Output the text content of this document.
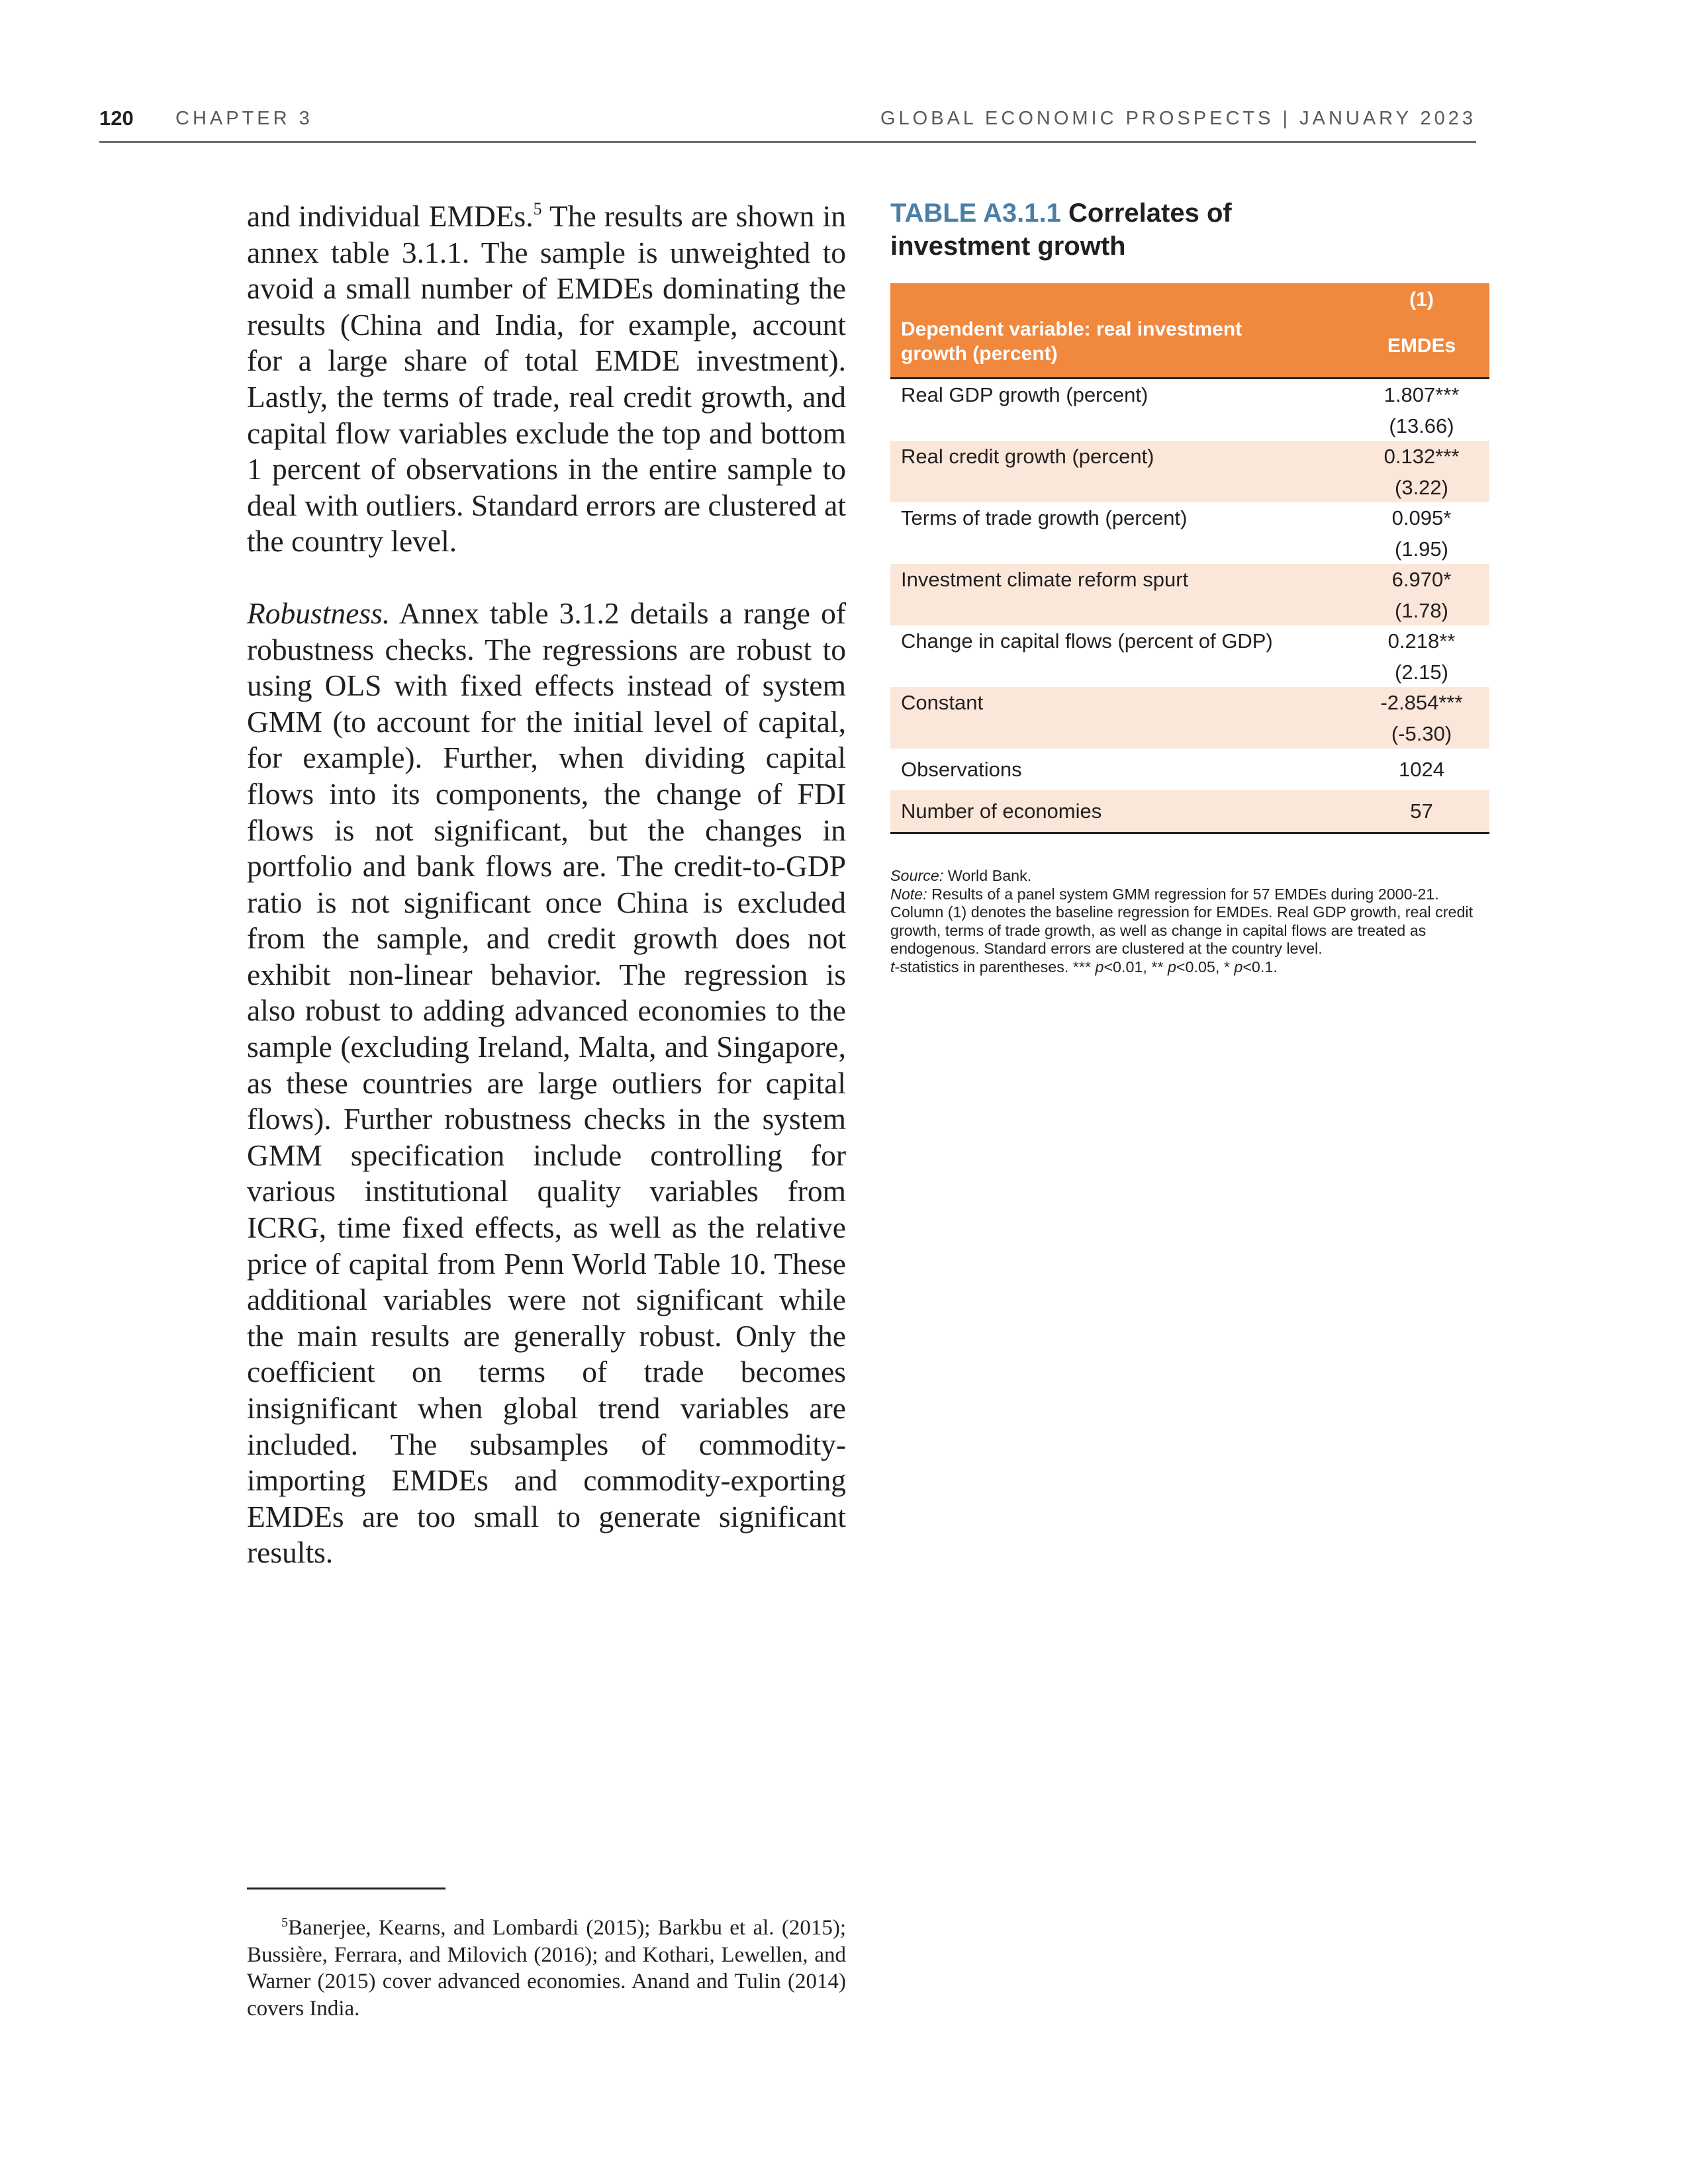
120 CHAPTER 3	GLOBAL ECONOMIC PROSPECTS | JANUARY 2023

and individual EMDEs.$^5$ The results are shown in annex table 3.1.1. The sample is unweighted to avoid a small number of EMDEs dominating the results (China and India, for example, account for a large share of total EMDE investment). Lastly, the terms of trade, real credit growth, and capital flow variables exclude the top and bottom 1 percent of observations in the entire sample to deal with outliers. Standard errors are clustered at the country level.

Robustness. Annex table 3.1.2 details a range of robustness checks. The regressions are robust to using OLS with fixed effects instead of system GMM (to account for the initial level of capital, for example). Further, when dividing capital flows into its components, the change of FDI flows is not significant, but the changes in portfolio and bank flows are. The credit-to-GDP ratio is not significant once China is excluded from the sample, and credit growth does not exhibit non-linear behavior. The regression is also robust to adding advanced economies to the sample (excluding Ireland, Malta, and Singapore, as these countries are large outliers for capital flows). Further robustness checks in the system GMM specification include controlling for various institutional quality variables from ICRG, time fixed effects, as well as the relative price of capital from Penn World Table 10. These additional variables were not significant while the main results are generally robust. Only the coefficient on terms of trade becomes insignificant when global trend variables are included. The subsamples of commodity-importing EMDEs and commodity-exporting EMDEs are too small to generate significant results.

$^5$Banerjee, Kearns, and Lombardi (2015); Barkbu et al. (2015); Bussière, Ferrara, and Milovich (2016); and Kothari, Lewellen, and Warner (2015) cover advanced economies. Anand and Tulin (2014) covers India.

TABLE A3.1.1 Correlates of investment growth
(1)
Dependent variable: real investment growth (percent)	EMDEs
Real GDP growth (percent)	1.807***
(13.66)
Real credit growth (percent)	0.132***
(3.22)
Terms of trade growth (percent)	0.095*
(1.95)
Investment climate reform spurt	6.970*
(1.78)
Change in capital flows (percent of GDP)	0.218**
(2.15)
Constant	-2.854***
(-5.30)
Observations	1024
Number of economies	57

Source: World Bank.

Note: Results of a panel system GMM regression for 57 EMDEs during 2000-21. Column (1) denotes the baseline regression for EMDEs. Real GDP growth, real credit growth, terms of trade growth, as well as change in capital flows are treated as endogenous. Standard errors are clustered at the country level.
t-statistics in parentheses. *** p<0.01, ** p<0.05, * p<0.1.
